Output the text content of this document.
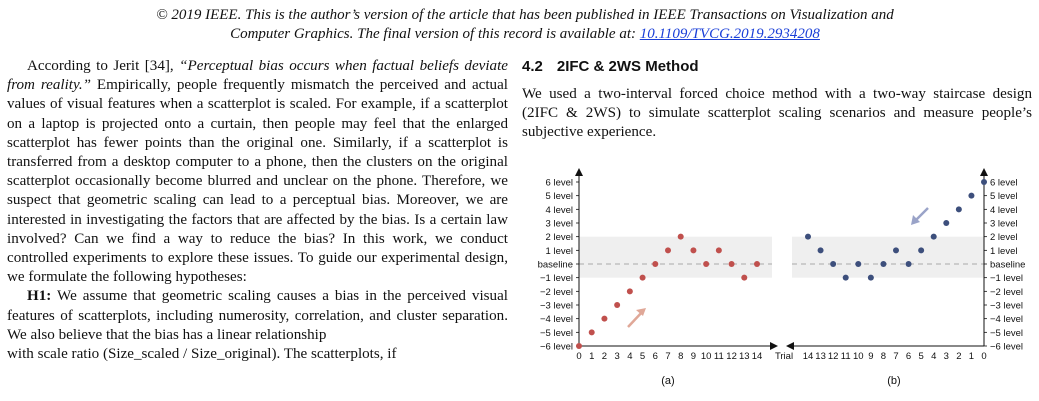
© 2019 IEEE. This is the author’s version of the article that has been published in IEEE Transactions on Visualization and
Computer Graphics. The final version of this record is available at: 10.1109/TVCG.2019.2934208

According to Jerit [34], “Perceptual bias occurs when factual beliefs deviate from reality.” Empirically, people frequently mismatch the perceived and actual values of visual features when a scatterplot is scaled. For example, if a scatterplot on a laptop is projected onto a curtain, then people may feel that the enlarged scatterplot has fewer points than the original one. Similarly, if a scatterplot is transferred from a desktop computer to a phone, then the clusters on the original scatterplot occasionally become blurred and unclear on the phone. Therefore, we suspect that geometric scaling can lead to a perceptual bias. Moreover, we are interested in investigating the factors that are affected by the bias. Is a certain law involved? Can we find a way to reduce the bias? In this work, we conduct controlled experiments to explore these issues. To guide our experimental design, we formulate the following hypotheses:

H1: We assume that geometric scaling causes a bias in the perceived visual features of scatterplots, including numerosity, correlation, and cluster separation. We also believe that the bias has a linear relationship

with scale ratio (Size_scaled / Size_original). The scatterplots, if

4.2 2IFC & 2WS Method

We used a two-interval forced choice method with a two-way staircase design (2IFC & 2WS) to simulate scatterplot scaling scenarios and measure people’s subjective experience.

6 level
5 level
4 level
3 level
2 level
1 level
baseline
−1 level
−2 level
−3 level
−4 level
−5 level
−6 level
0 1 2 3 4 5 6 7 8 9 10 11 12 13 14
(a)
6 level
5 level
4 level
3 level
2 level
1 level
baseline
−1 level
−2 level
−3 level
−4 level
−5 level
−6 level
14 13 12 11 10 9 8 7 6 5 4 3 2 1 0
Trial
(b)
